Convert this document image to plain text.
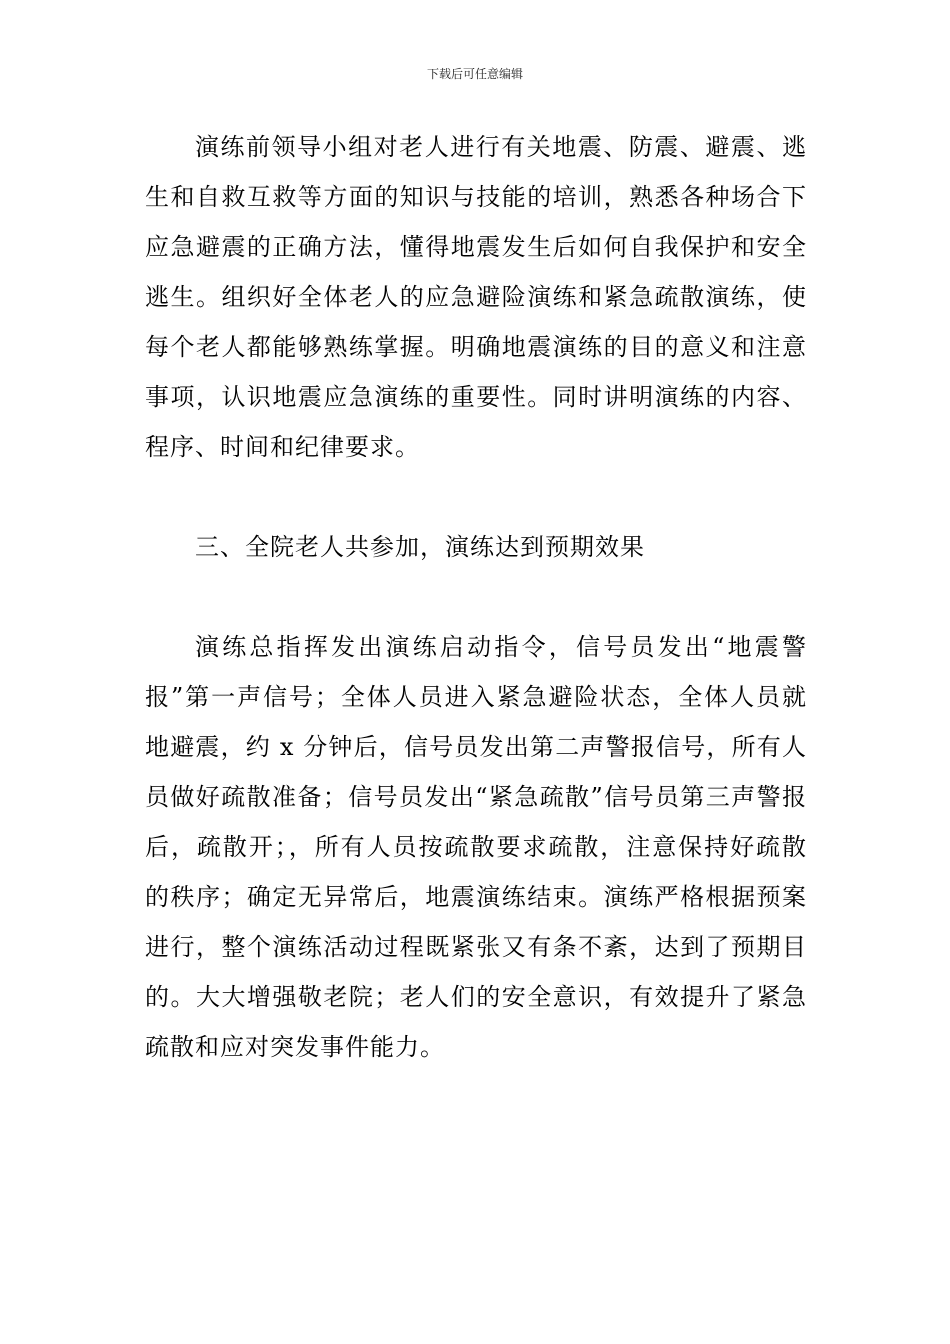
下载后可任意编辑

演练前领导小组对老人进行有关地震、防震、避震、逃生和自救互救等方面的知识与技能的培训，熟悉各种场合下应急避震的正确方法，懂得地震发生后如何自我保护和安全逃生。组织好全体老人的应急避险演练和紧急疏散演练，使每个老人都能够熟练掌握。明确地震演练的目的意义和注意事项，认识地震应急演练的重要性。同时讲明演练的内容、程序、时间和纪律要求。

三、全院老人共参加，演练达到预期效果

演练总指挥发出演练启动指令，信号员发出“地震警报”第一声信号；全体人员进入紧急避险状态，全体人员就地避震，约 x 分钟后，信号员发出第二声警报信号，所有人员做好疏散准备；信号员发出“紧急疏散”信号员第三声警报后，疏散开；，所有人员按疏散要求疏散，注意保持好疏散的秩序；确定无异常后，地震演练结束。演练严格根据预案进行，整个演练活动过程既紧张又有条不紊，达到了预期目的。大大增强敬老院；老人们的安全意识，有效提升了紧急疏散和应对突发事件能力。
